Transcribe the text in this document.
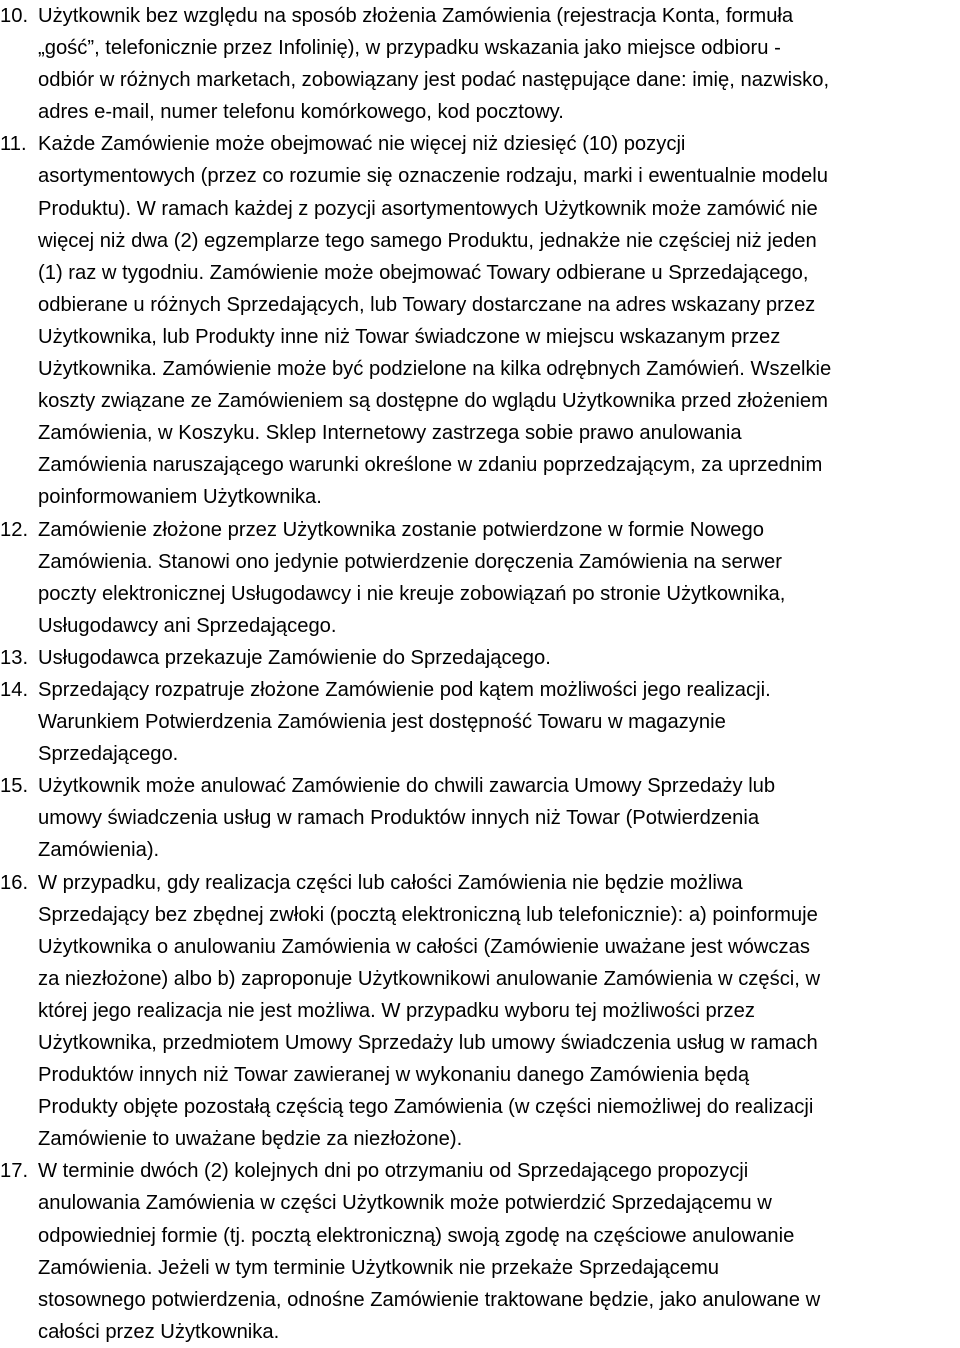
10. Użytkownik bez względu na sposób złożenia Zamówienia (rejestracja Konta, formuła
„gość”, telefonicznie przez Infolinię), w przypadku wskazania jako miejsce odbioru -
odbiór w różnych marketach, zobowiązany jest podać następujące dane: imię, nazwisko,
adres e-mail, numer telefonu komórkowego, kod pocztowy.
11. Każde Zamówienie może obejmować nie więcej niż dziesięć (10) pozycji
asortymentowych (przez co rozumie się oznaczenie rodzaju, marki i ewentualnie modelu
Produktu). W ramach każdej z pozycji asortymentowych Użytkownik może zamówić nie
więcej niż dwa (2) egzemplarze tego samego Produktu, jednakże nie częściej niż jeden
(1) raz w tygodniu. Zamówienie może obejmować Towary odbierane u Sprzedającego,
odbierane u różnych Sprzedających, lub Towary dostarczane na adres wskazany przez
Użytkownika, lub Produkty inne niż Towar świadczone w miejscu wskazanym przez
Użytkownika. Zamówienie może być podzielone na kilka odrębnych Zamówień. Wszelkie
koszty związane ze Zamówieniem są dostępne do wglądu Użytkownika przed złożeniem
Zamówienia, w Koszyku. Sklep Internetowy zastrzega sobie prawo anulowania
Zamówienia naruszającego warunki określone w zdaniu poprzedzającym, za uprzednim
poinformowaniem Użytkownika.
12. Zamówienie złożone przez Użytkownika zostanie potwierdzone w formie Nowego
Zamówienia. Stanowi ono jedynie potwierdzenie doręczenia Zamówienia na serwer
poczty elektronicznej Usługodawcy i nie kreuje zobowiązań po stronie Użytkownika,
Usługodawcy ani Sprzedającego.
13. Usługodawca przekazuje Zamówienie do Sprzedającego.
14. Sprzedający rozpatruje złożone Zamówienie pod kątem możliwości jego realizacji.
Warunkiem Potwierdzenia Zamówienia jest dostępność Towaru w magazynie
Sprzedającego.
15. Użytkownik może anulować Zamówienie do chwili zawarcia Umowy Sprzedaży lub
umowy świadczenia usług w ramach Produktów innych niż Towar (Potwierdzenia
Zamówienia).
16. W przypadku, gdy realizacja części lub całości Zamówienia nie będzie możliwa
Sprzedający bez zbędnej zwłoki (pocztą elektroniczną lub telefonicznie): a) poinformuje
Użytkownika o anulowaniu Zamówienia w całości (Zamówienie uważane jest wówczas
za niezłożone) albo b) zaproponuje Użytkownikowi anulowanie Zamówienia w części, w
której jego realizacja nie jest możliwa. W przypadku wyboru tej możliwości przez
Użytkownika, przedmiotem Umowy Sprzedaży lub umowy świadczenia usług w ramach
Produktów innych niż Towar zawieranej w wykonaniu danego Zamówienia będą
Produkty objęte pozostałą częścią tego Zamówienia (w części niemożliwej do realizacji
Zamówienie to uważane będzie za niezłożone).
17. W terminie dwóch (2) kolejnych dni po otrzymaniu od Sprzedającego propozycji
anulowania Zamówienia w części Użytkownik może potwierdzić Sprzedającemu w
odpowiedniej formie (tj. pocztą elektroniczną) swoją zgodę na częściowe anulowanie
Zamówienia. Jeżeli w tym terminie Użytkownik nie przekaże Sprzedającemu
stosownego potwierdzenia, odnośne Zamówienie traktowane będzie, jako anulowane w
całości przez Użytkownika.
